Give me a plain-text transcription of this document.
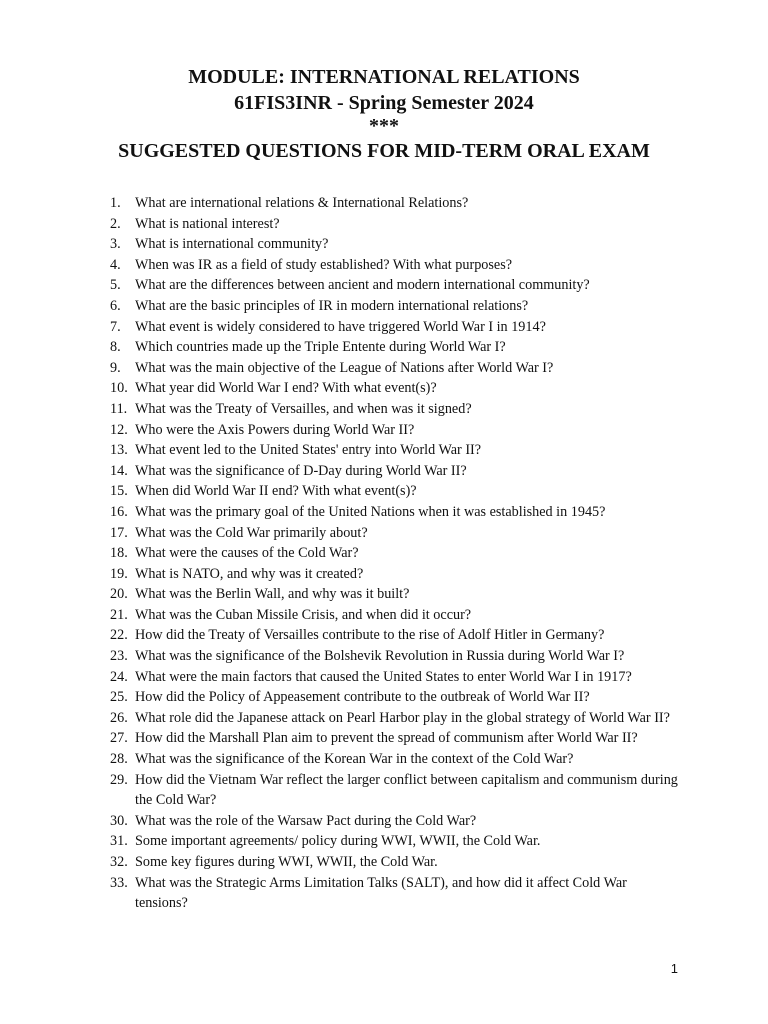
MODULE: INTERNATIONAL RELATIONS
61FIS3INR - Spring Semester 2024
***
SUGGESTED QUESTIONS FOR MID-TERM ORAL EXAM
1.	What are international relations & International Relations?
2.	What is national interest?
3.	What is international community?
4.	When was IR as a field of study established? With what purposes?
5.	What are the differences between ancient and modern international community?
6.	What are the basic principles of IR in modern international relations?
7.	What event is widely considered to have triggered World War I in 1914?
8.	Which countries made up the Triple Entente during World War I?
9.	What was the main objective of the League of Nations after World War I?
10. What year did World War I end? With what event(s)?
11. What was the Treaty of Versailles, and when was it signed?
12. Who were the Axis Powers during World War II?
13. What event led to the United States' entry into World War II?
14. What was the significance of D-Day during World War II?
15. When did World War II end? With what event(s)?
16. What was the primary goal of the United Nations when it was established in 1945?
17. What was the Cold War primarily about?
18. What were the causes of the Cold War?
19. What is NATO, and why was it created?
20. What was the Berlin Wall, and why was it built?
21. What was the Cuban Missile Crisis, and when did it occur?
22. How did the Treaty of Versailles contribute to the rise of Adolf Hitler in Germany?
23. What was the significance of the Bolshevik Revolution in Russia during World War I?
24. What were the main factors that caused the United States to enter World War I in 1917?
25. How did the Policy of Appeasement contribute to the outbreak of World War II?
26. What role did the Japanese attack on Pearl Harbor play in the global strategy of World War II?
27. How did the Marshall Plan aim to prevent the spread of communism after World War II?
28. What was the significance of the Korean War in the context of the Cold War?
29. How did the Vietnam War reflect the larger conflict between capitalism and communism during the Cold War?
30. What was the role of the Warsaw Pact during the Cold War?
31. Some important agreements/ policy during WWI, WWII, the Cold War.
32. Some key figures during WWI, WWII, the Cold War.
33. What was the Strategic Arms Limitation Talks (SALT), and how did it affect Cold War tensions?
1
